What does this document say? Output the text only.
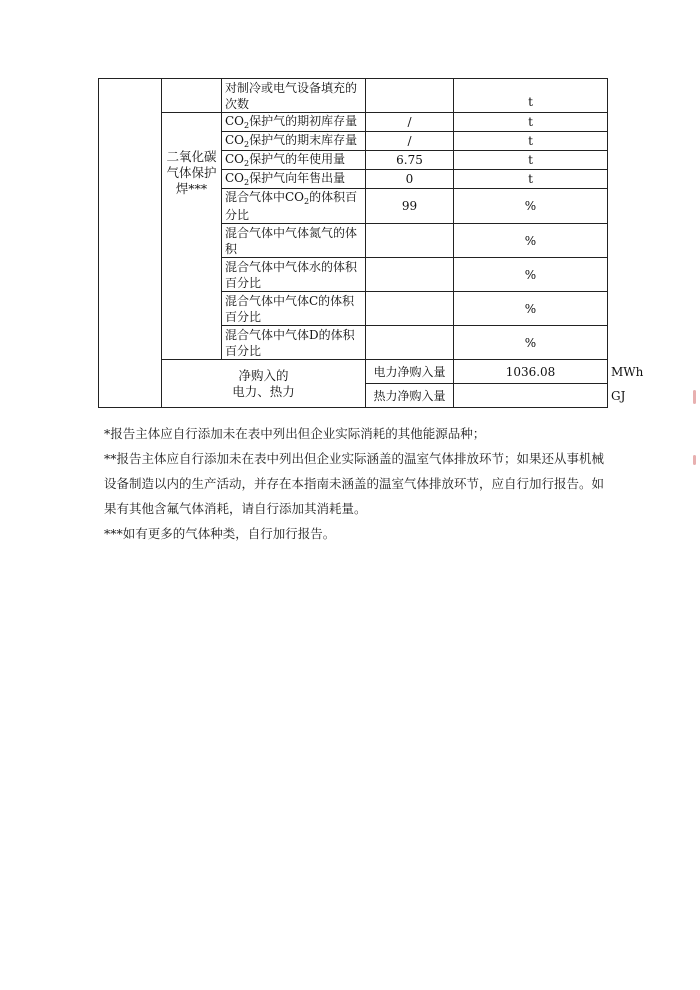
		对制冷或电气设备填充的次数		t	

	二氧化碳气体保护焊***	$CO_2$保护气的期初库存量	/	t	
		$CO_2$保护气的期末库存量	/	t	
		$CO_2$保护气的年使用量	6.75	t	
		$CO_2$保护气向年售出量	0	t	
		混合气体中$CO_2$的体积百分比	99	%	
		混合气体中气体氮气的体积		%	
		混合气体中气体水的体积百分比		%	
		混合气体中气体C的体积百分比		%	
		混合气体中气体D的体积百分比		%	

	净购入的
电力、热力		电力净购入量	1036.08	MWh
			热力净购入量		GJ

*报告主体应自行添加未在表中列出但企业实际消耗的其他能源品种；

**报告主体应自行添加未在表中列出但企业实际涵盖的温室气体排放环节；如果还从事机械设备制造以内的生产活动，并存在本指南未涵盖的温室气体排放环节，应自行加行报告。如果有其他含氟气体消耗，请自行添加其消耗量。

***如有更多的气体种类，自行加行报告。
